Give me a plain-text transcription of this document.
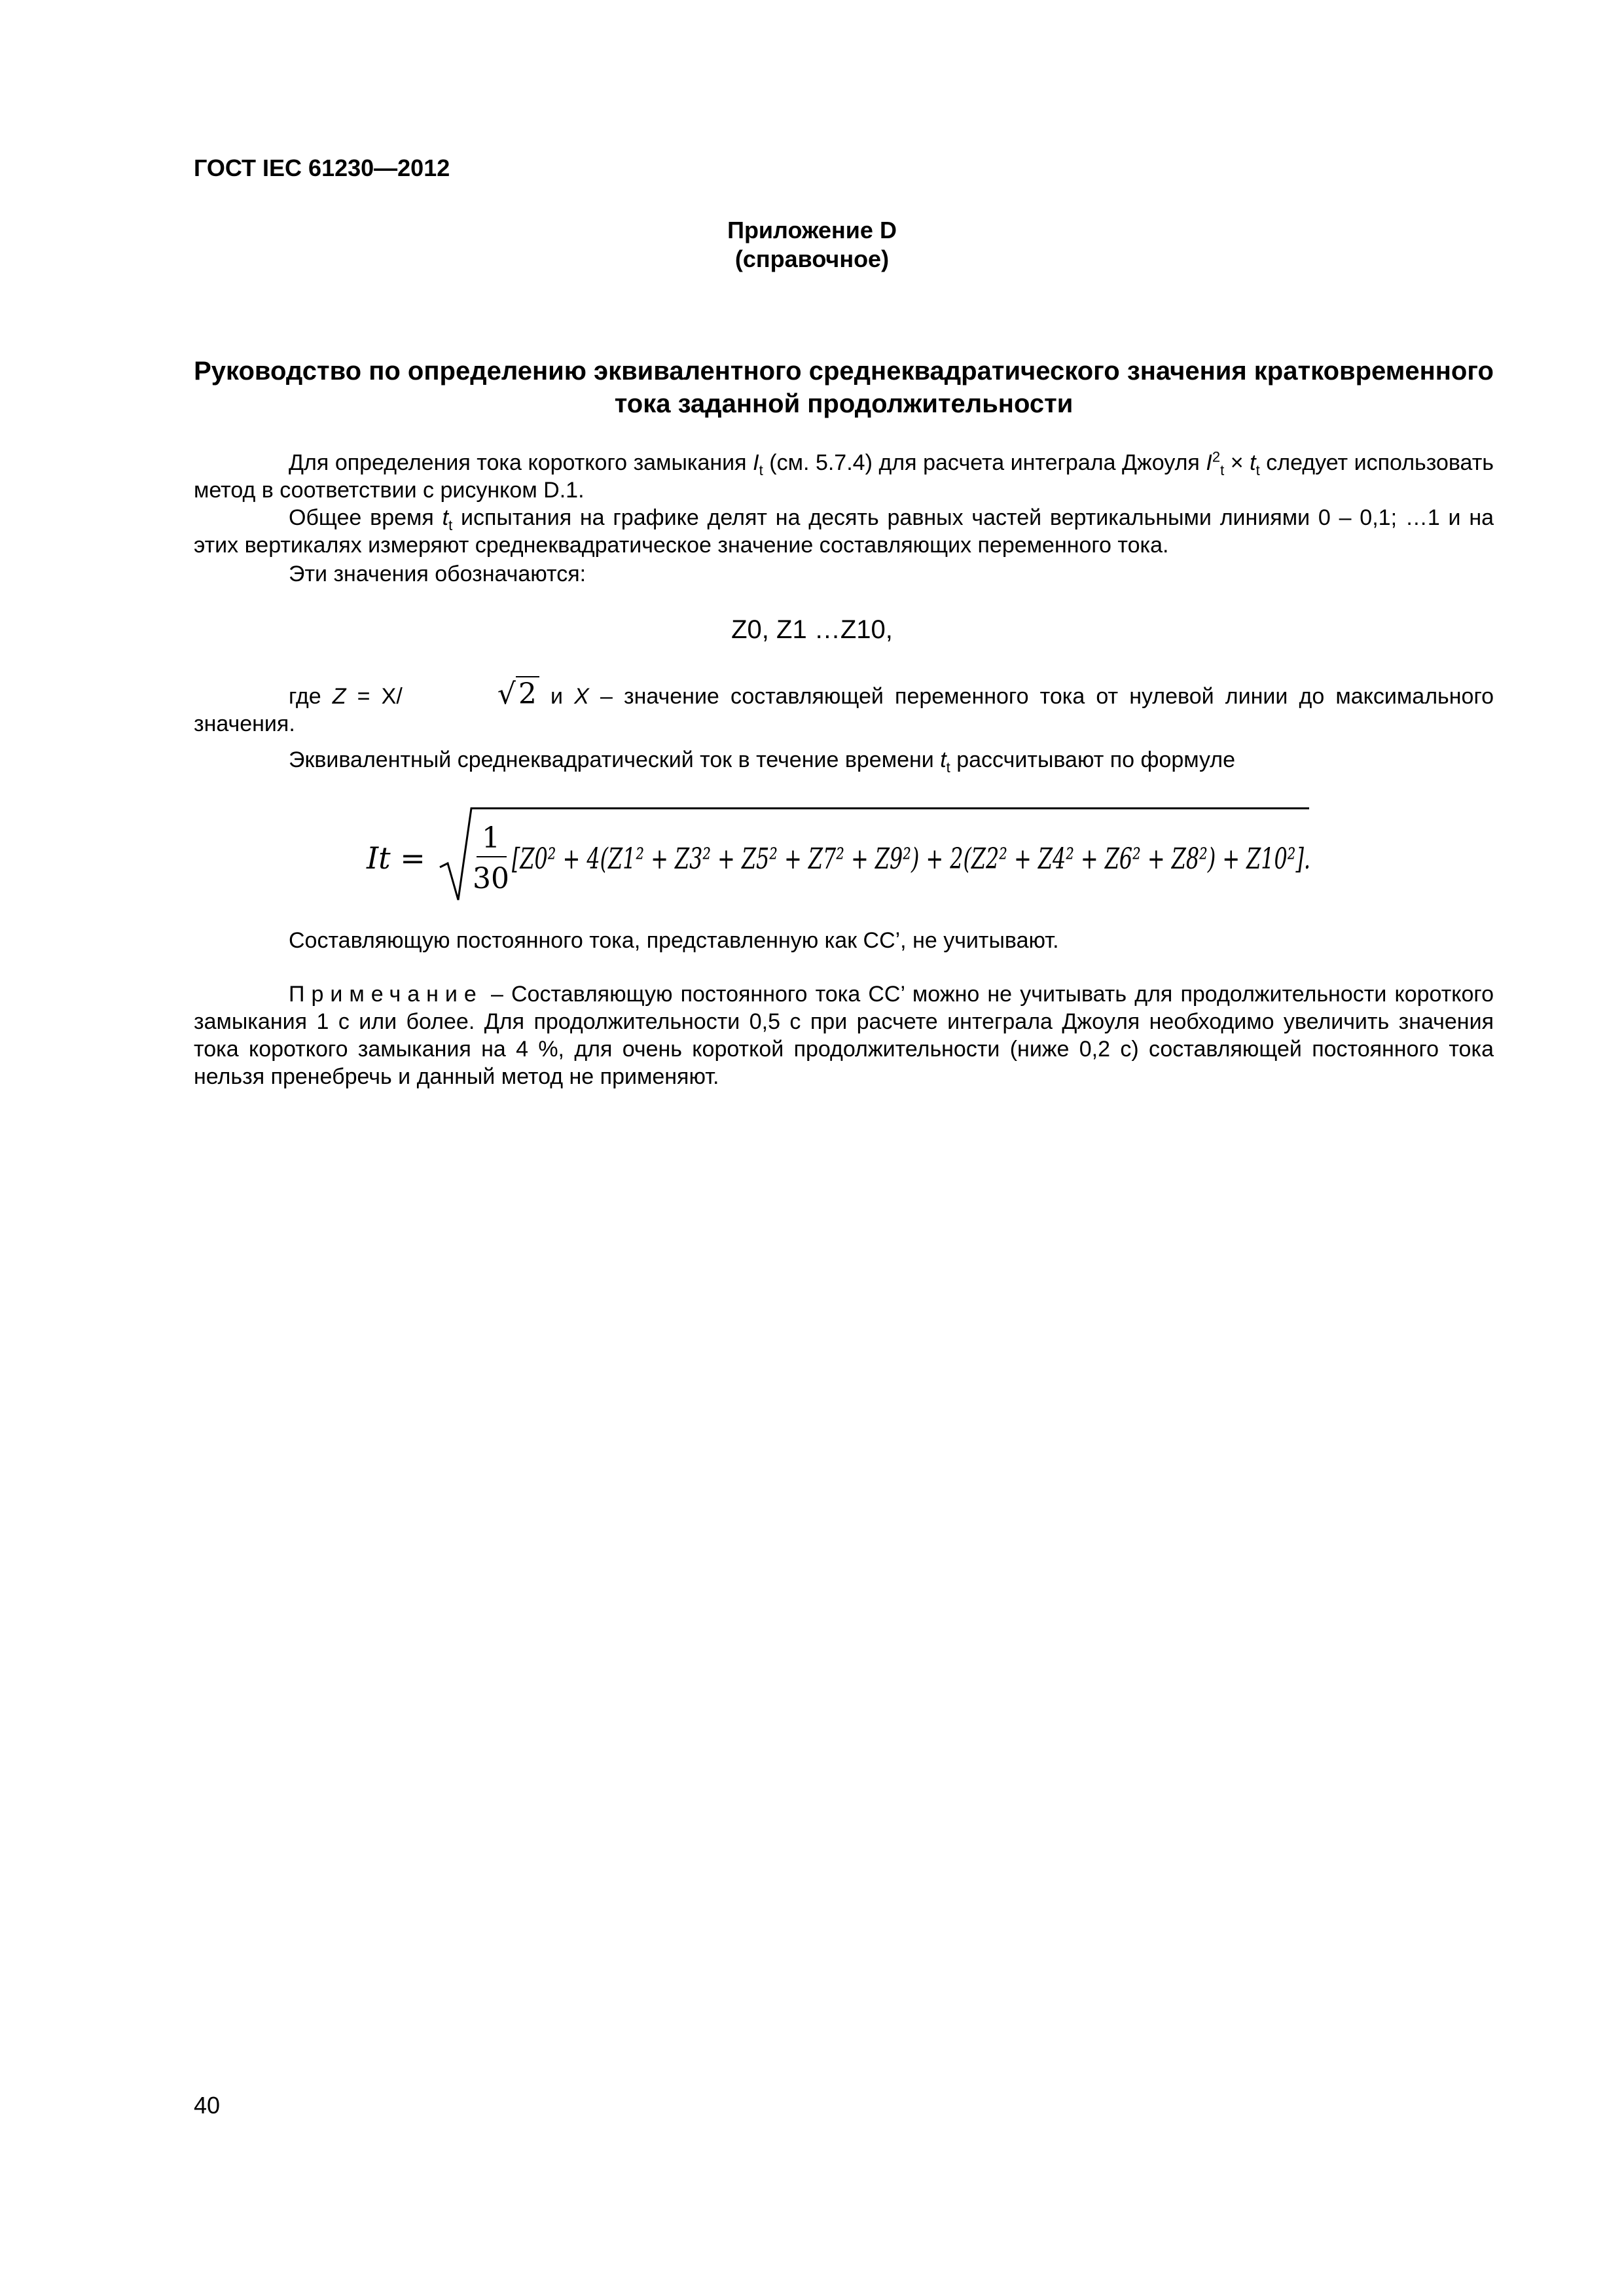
ГОСТ IEC 61230—2012
Приложение D
(справочное)
Руководство по определению эквивалентного среднеквадратического значения кратковременного тока заданной продолжительности
Для определения тока короткого замыкания $I_t$ (см. 5.7.4) для расчета интеграла Джоуля $I^2_t \times t_t$ следует использовать метод в соответствии с рисунком D.1.
Общее время $t_t$ испытания на графике делят на десять равных частей вертикальными линиями 0 – 0,1; …1 и на этих вертикалях измеряют среднеквадратическое значение составляющих переменного тока.
Эти значения обозначаются:
Z0, Z1 …Z10,
где Z = X/	√2 и X – значение составляющей переменного тока от нулевой линии до максимального значения.
Эквивалентный среднеквадратический ток в течение времени $t_t$ рассчитывают по формуле
It =
1
30
[Z0² + 4(Z1² + Z3² + Z5² + Z7² + Z9²) + 2(Z2² + Z4² + Z6² + Z8²) + Z10²].
Составляющую постоянного тока, представленную как CC’, не учитывают.
Примечание – Составляющую постоянного тока CC’ можно не учитывать для продолжительности короткого замыкания 1 с или более. Для продолжительности 0,5 с при расчете интеграла Джоуля необходимо увеличить значения тока короткого замыкания на 4 %, для очень короткой продолжительности (ниже 0,2 с) составляющей постоянного тока нельзя пренебречь и данный метод не применяют.
40
